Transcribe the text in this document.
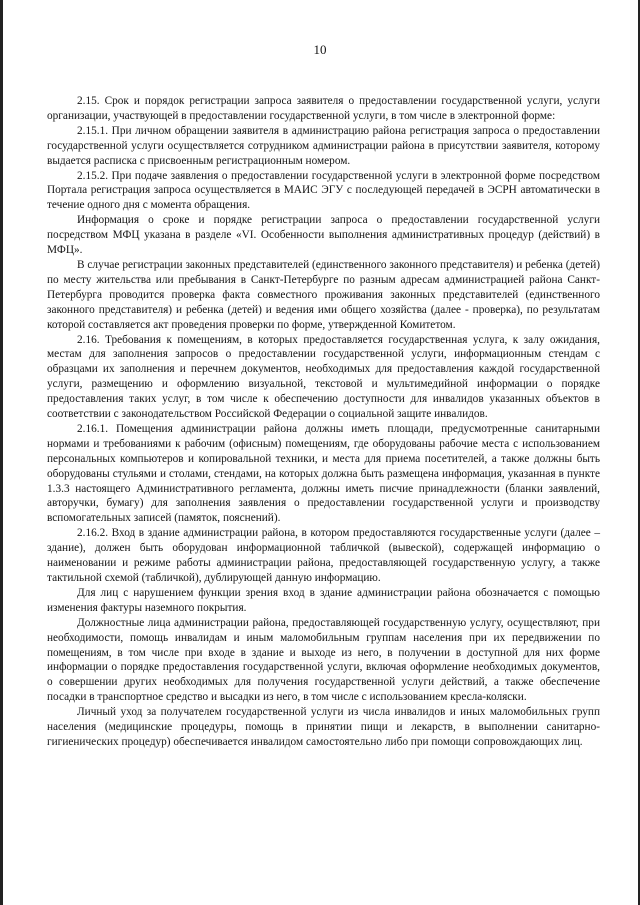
10

2.15. Срок и порядок регистрации запроса заявителя о предоставлении государственной услуги, услуги организации, участвующей в предоставлении государственной услуги, в том числе в электронной форме:

2.15.1. При личном обращении заявителя в администрацию района регистрация запроса о предоставлении государственной услуги осуществляется сотрудником администрации района в присутствии заявителя, которому выдается расписка с присвоенным регистрационным номером.

2.15.2. При подаче заявления о предоставлении государственной услуги в электронной форме посредством Портала регистрация запроса осуществляется в МАИС ЭГУ с последующей передачей в ЭСРН автоматически в течение одного дня с момента обращения.

Информация о сроке и порядке регистрации запроса о предоставлении государственной услуги посредством МФЦ указана в разделе «VI. Особенности выполнения административных процедур (действий) в МФЦ».

В случае регистрации законных представителей (единственного законного представителя) и ребенка (детей) по месту жительства или пребывания в Санкт-Петербурге по разным адресам администрацией района Санкт-Петербурга проводится проверка факта совместного проживания законных представителей (единственного законного представителя) и ребенка (детей) и ведения ими общего хозяйства (далее - проверка), по результатам которой составляется акт проведения проверки по форме, утвержденной Комитетом.

2.16. Требования к помещениям, в которых предоставляется государственная услуга, к залу ожидания, местам для заполнения запросов о предоставлении государственной услуги, информационным стендам с образцами их заполнения и перечнем документов, необходимых для предоставления каждой государственной услуги, размещению и оформлению визуальной, текстовой и мультимедийной информации о порядке предоставления таких услуг, в том числе к обеспечению доступности для инвалидов указанных объектов в соответствии с законодательством Российской Федерации о социальной защите инвалидов.

2.16.1. Помещения администрации района должны иметь площади, предусмотренные санитарными нормами и требованиями к рабочим (офисным) помещениям, где оборудованы рабочие места с использованием персональных компьютеров и копировальной техники, и места для приема посетителей, а также должны быть оборудованы стульями и столами, стендами, на которых должна быть размещена информация, указанная в пункте 1.3.3 настоящего Административного регламента, должны иметь писчие принадлежности (бланки заявлений, авторучки, бумагу) для заполнения заявления о предоставлении государственной услуги и производству вспомогательных записей (памяток, пояснений).

2.16.2. Вход в здание администрации района, в котором предоставляются государственные услуги (далее – здание), должен быть оборудован информационной табличкой (вывеской), содержащей информацию о наименовании и режиме работы администрации района, предоставляющей государственную услугу, а также тактильной схемой (табличкой), дублирующей данную информацию.

Для лиц с нарушением функции зрения вход в здание администрации района обозначается с помощью изменения фактуры наземного покрытия.

Должностные лица администрации района, предоставляющей государственную услугу, осуществляют, при необходимости, помощь инвалидам и иным маломобильным группам населения при их передвижении по помещениям, в том числе при входе в здание и выходе из него, в получении в доступной для них форме информации о порядке предоставления государственной услуги, включая оформление необходимых документов, о совершении других необходимых для получения государственной услуги действий, а также обеспечение посадки в транспортное средство и высадки из него, в том числе с использованием кресла-коляски.

Личный уход за получателем государственной услуги из числа инвалидов и иных маломобильных групп населения (медицинские процедуры, помощь в принятии пищи и лекарств, в выполнении санитарно-гигиенических процедур) обеспечивается инвалидом самостоятельно либо при помощи сопровождающих лиц.
